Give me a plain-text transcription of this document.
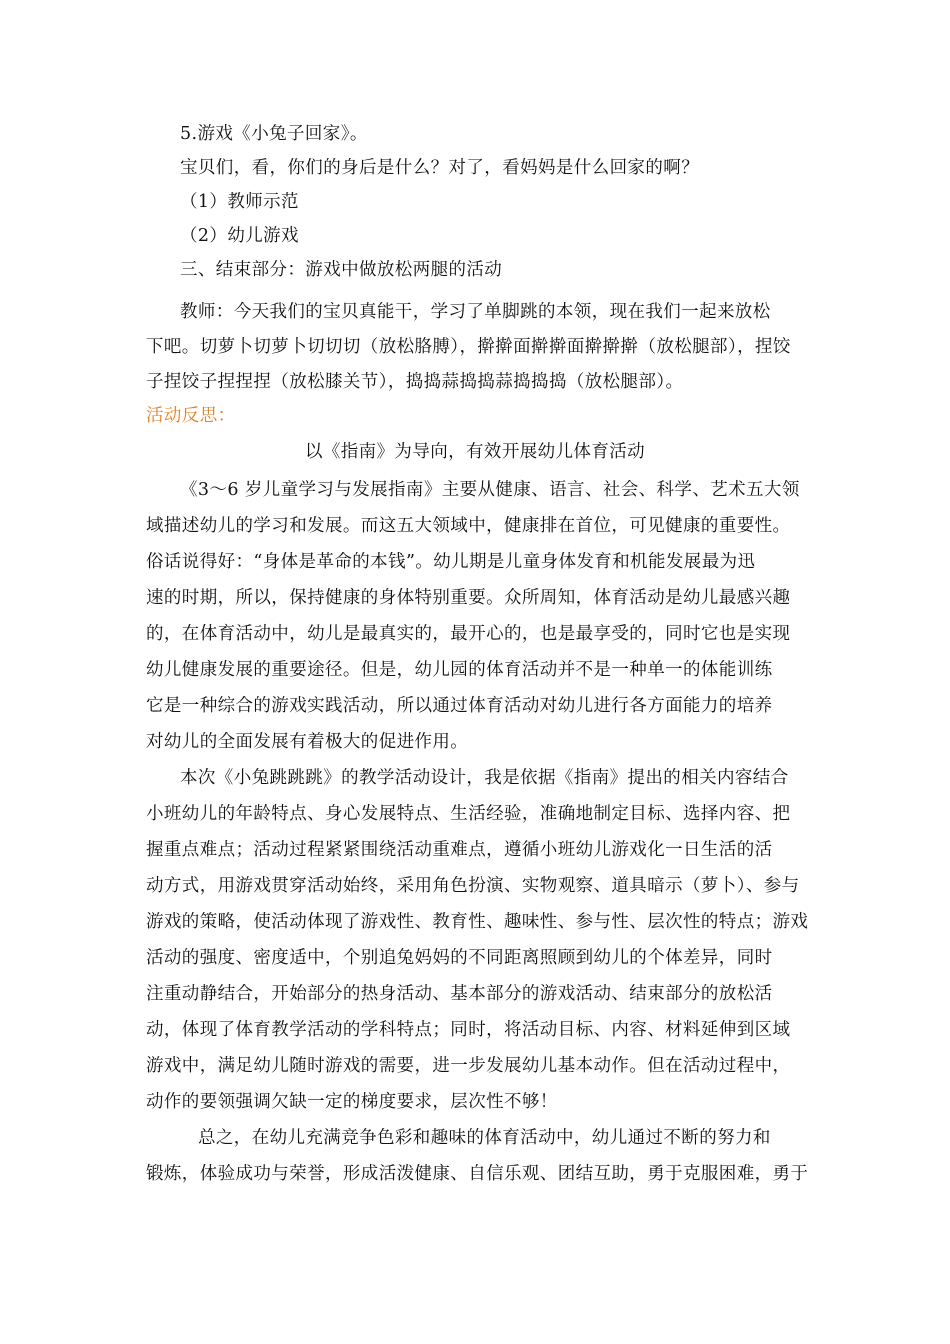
5.游戏《小兔子回家》。
宝贝们，看，你们的身后是什么？对了，看妈妈是什么回家的啊？
（1）教师示范
（2）幼儿游戏
三、结束部分：游戏中做放松两腿的活动
教师：今天我们的宝贝真能干，学习了单脚跳的本领，现在我们一起来放松
下吧。切萝卜切萝卜切切切（放松胳膊），擀擀面擀擀面擀擀擀（放松腿部），捏饺
子捏饺子捏捏捏（放松膝关节），捣捣蒜捣捣蒜捣捣捣（放松腿部）。
活动反思：
以《指南》为导向，有效开展幼儿体育活动
《3～6 岁儿童学习与发展指南》主要从健康、语言、社会、科学、艺术五大领
域描述幼儿的学习和发展。而这五大领域中，健康排在首位，可见健康的重要性。
俗话说得好：“身体是革命的本钱”。幼儿期是儿童身体发育和机能发展最为迅
速的时期，所以，保持健康的身体特别重要。众所周知，体育活动是幼儿最感兴趣
的，在体育活动中，幼儿是最真实的，最开心的，也是最享受的，同时它也是实现
幼儿健康发展的重要途径。但是，幼儿园的体育活动并不是一种单一的体能训练
它是一种综合的游戏实践活动，所以通过体育活动对幼儿进行各方面能力的培养
对幼儿的全面发展有着极大的促进作用。
本次《小兔跳跳跳》的教学活动设计，我是依据《指南》提出的相关内容结合
小班幼儿的年龄特点、身心发展特点、生活经验，准确地制定目标、选择内容、把
握重点难点；活动过程紧紧围绕活动重难点，遵循小班幼儿游戏化一日生活的活
动方式，用游戏贯穿活动始终，采用角色扮演、实物观察、道具暗示（萝卜）、参与
游戏的策略，使活动体现了游戏性、教育性、趣味性、参与性、层次性的特点；游戏
活动的强度、密度适中，个别追兔妈妈的不同距离照顾到幼儿的个体差异，同时
注重动静结合，开始部分的热身活动、基本部分的游戏活动、结束部分的放松活
动，体现了体育教学活动的学科特点；同时，将活动目标、内容、材料延伸到区域
游戏中，满足幼儿随时游戏的需要，进一步发展幼儿基本动作。但在活动过程中，
动作的要领强调欠缺一定的梯度要求，层次性不够！
总之，在幼儿充满竞争色彩和趣味的体育活动中，幼儿通过不断的努力和
锻炼，体验成功与荣誉，形成活泼健康、自信乐观、团结互助，勇于克服困难，勇于
